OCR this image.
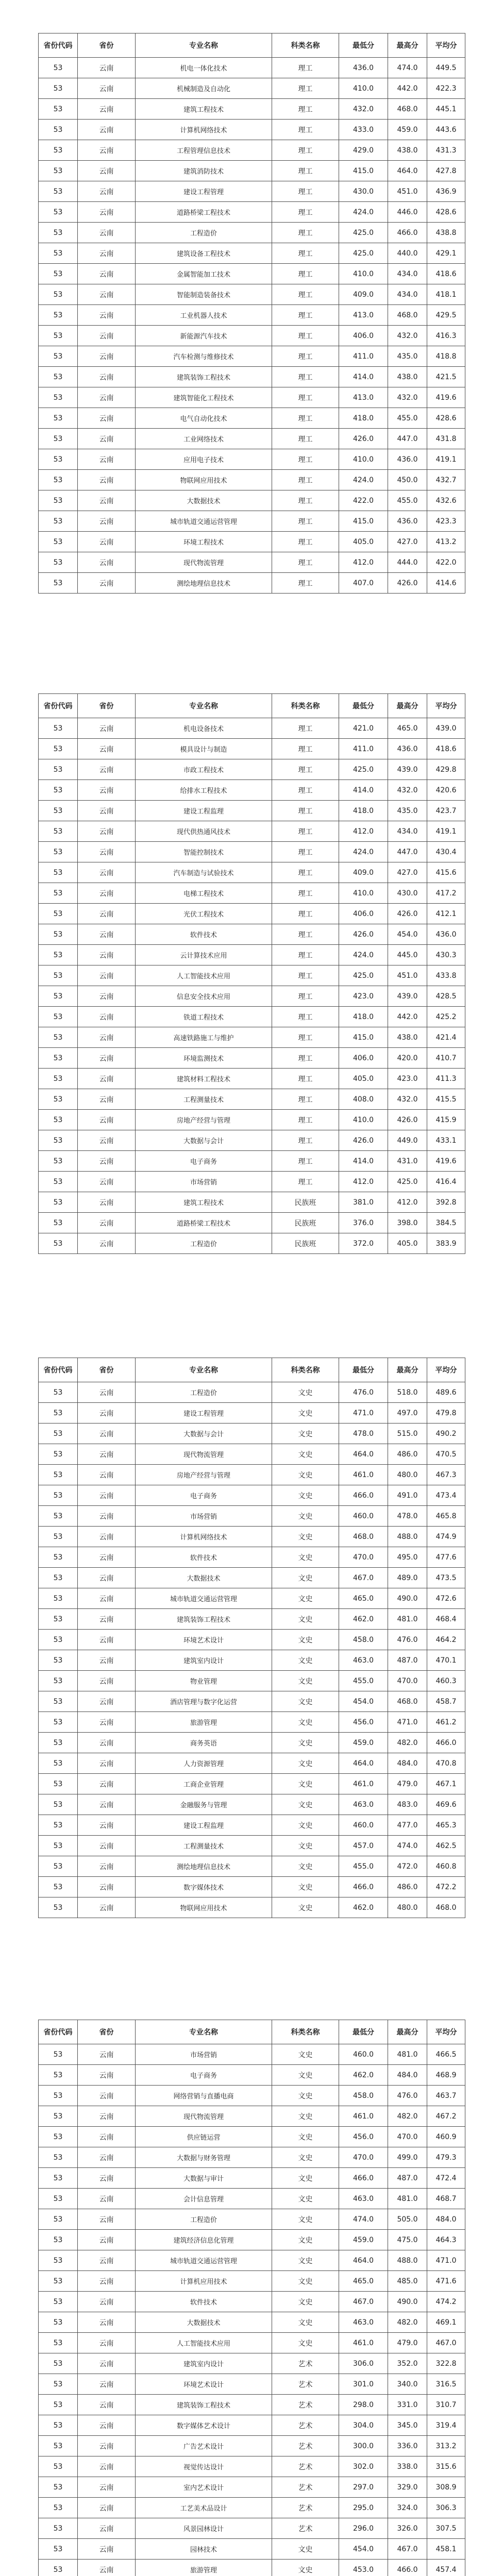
省份代码	省份	专业名称	科类名称	最低分	最高分	平均分
53	云南	机电一体化技术	理工	436.0	474.0	449.5
53	云南	机械制造及自动化	理工	410.0	442.0	422.3
53	云南	建筑工程技术	理工	432.0	468.0	445.1
53	云南	计算机网络技术	理工	433.0	459.0	443.6
53	云南	工程管理信息技术	理工	429.0	438.0	431.3
53	云南	建筑消防技术	理工	415.0	464.0	427.8
53	云南	建设工程管理	理工	430.0	451.0	436.9
53	云南	道路桥梁工程技术	理工	424.0	446.0	428.6
53	云南	工程造价	理工	425.0	466.0	438.8
53	云南	建筑设备工程技术	理工	425.0	440.0	429.1
53	云南	金属智能加工技术	理工	410.0	434.0	418.6
53	云南	智能制造装备技术	理工	409.0	434.0	418.1
53	云南	工业机器人技术	理工	413.0	468.0	429.5
53	云南	新能源汽车技术	理工	406.0	432.0	416.3
53	云南	汽车检测与维修技术	理工	411.0	435.0	418.8
53	云南	建筑装饰工程技术	理工	414.0	438.0	421.5
53	云南	建筑智能化工程技术	理工	413.0	432.0	419.6
53	云南	电气自动化技术	理工	418.0	455.0	428.6
53	云南	工业网络技术	理工	426.0	447.0	431.8
53	云南	应用电子技术	理工	410.0	436.0	419.1
53	云南	物联网应用技术	理工	424.0	450.0	432.7
53	云南	大数据技术	理工	422.0	455.0	432.6
53	云南	城市轨道交通运营管理	理工	415.0	436.0	423.3
53	云南	环境工程技术	理工	405.0	427.0	413.2
53	云南	现代物流管理	理工	412.0	444.0	422.0
53	云南	测绘地理信息技术	理工	407.0	426.0	414.6
省份代码	省份	专业名称	科类名称	最低分	最高分	平均分
53	云南	机电设备技术	理工	421.0	465.0	439.0
53	云南	模具设计与制造	理工	411.0	436.0	418.6
53	云南	市政工程技术	理工	425.0	439.0	429.8
53	云南	给排水工程技术	理工	414.0	432.0	420.6
53	云南	建设工程监理	理工	418.0	435.0	423.7
53	云南	现代供热通风技术	理工	412.0	434.0	419.1
53	云南	智能控制技术	理工	424.0	447.0	430.4
53	云南	汽车制造与试验技术	理工	409.0	427.0	415.6
53	云南	电梯工程技术	理工	410.0	430.0	417.2
53	云南	光伏工程技术	理工	406.0	426.0	412.1
53	云南	软件技术	理工	426.0	454.0	436.0
53	云南	云计算技术应用	理工	424.0	445.0	430.3
53	云南	人工智能技术应用	理工	425.0	451.0	433.8
53	云南	信息安全技术应用	理工	423.0	439.0	428.5
53	云南	铁道工程技术	理工	418.0	442.0	425.2
53	云南	高速铁路施工与维护	理工	415.0	438.0	421.4
53	云南	环境监测技术	理工	406.0	420.0	410.7
53	云南	建筑材料工程技术	理工	405.0	423.0	411.3
53	云南	工程测量技术	理工	408.0	432.0	415.5
53	云南	房地产经营与管理	理工	410.0	426.0	415.9
53	云南	大数据与会计	理工	426.0	449.0	433.1
53	云南	电子商务	理工	414.0	431.0	419.6
53	云南	市场营销	理工	412.0	425.0	416.4
53	云南	建筑工程技术	民族班	381.0	412.0	392.8
53	云南	道路桥梁工程技术	民族班	376.0	398.0	384.5
53	云南	工程造价	民族班	372.0	405.0	383.9
省份代码	省份	专业名称	科类名称	最低分	最高分	平均分
53	云南	工程造价	文史	476.0	518.0	489.6
53	云南	建设工程管理	文史	471.0	497.0	479.8
53	云南	大数据与会计	文史	478.0	515.0	490.2
53	云南	现代物流管理	文史	464.0	486.0	470.5
53	云南	房地产经营与管理	文史	461.0	480.0	467.3
53	云南	电子商务	文史	466.0	491.0	473.4
53	云南	市场营销	文史	460.0	478.0	465.8
53	云南	计算机网络技术	文史	468.0	488.0	474.9
53	云南	软件技术	文史	470.0	495.0	477.6
53	云南	大数据技术	文史	467.0	489.0	473.5
53	云南	城市轨道交通运营管理	文史	465.0	490.0	472.6
53	云南	建筑装饰工程技术	文史	462.0	481.0	468.4
53	云南	环境艺术设计	文史	458.0	476.0	464.2
53	云南	建筑室内设计	文史	463.0	487.0	470.1
53	云南	物业管理	文史	455.0	470.0	460.3
53	云南	酒店管理与数字化运营	文史	454.0	468.0	458.7
53	云南	旅游管理	文史	456.0	471.0	461.2
53	云南	商务英语	文史	459.0	482.0	466.0
53	云南	人力资源管理	文史	464.0	484.0	470.8
53	云南	工商企业管理	文史	461.0	479.0	467.1
53	云南	金融服务与管理	文史	463.0	483.0	469.6
53	云南	建设工程监理	文史	460.0	477.0	465.3
53	云南	工程测量技术	文史	457.0	474.0	462.5
53	云南	测绘地理信息技术	文史	455.0	472.0	460.8
53	云南	数字媒体技术	文史	466.0	486.0	472.2
53	云南	物联网应用技术	文史	462.0	480.0	468.0
省份代码	省份	专业名称	科类名称	最低分	最高分	平均分
53	云南	市场营销	文史	460.0	481.0	466.5
53	云南	电子商务	文史	462.0	484.0	468.9
53	云南	网络营销与直播电商	文史	458.0	476.0	463.7
53	云南	现代物流管理	文史	461.0	482.0	467.2
53	云南	供应链运营	文史	456.0	470.0	460.9
53	云南	大数据与财务管理	文史	470.0	499.0	479.3
53	云南	大数据与审计	文史	466.0	487.0	472.4
53	云南	会计信息管理	文史	463.0	481.0	468.7
53	云南	工程造价	文史	474.0	505.0	484.0
53	云南	建筑经济信息化管理	文史	459.0	475.0	464.3
53	云南	城市轨道交通运营管理	文史	464.0	488.0	471.0
53	云南	计算机应用技术	文史	465.0	485.0	471.6
53	云南	软件技术	文史	467.0	490.0	474.2
53	云南	大数据技术	文史	463.0	482.0	469.1
53	云南	人工智能技术应用	文史	461.0	479.0	467.0
53	云南	建筑室内设计	艺术	306.0	352.0	322.8
53	云南	环境艺术设计	艺术	301.0	340.0	316.5
53	云南	建筑装饰工程技术	艺术	298.0	331.0	310.7
53	云南	数字媒体艺术设计	艺术	304.0	345.0	319.4
53	云南	广告艺术设计	艺术	300.0	336.0	313.2
53	云南	视觉传达设计	艺术	302.0	338.0	315.6
53	云南	室内艺术设计	艺术	297.0	329.0	308.9
53	云南	工艺美术品设计	艺术	295.0	324.0	306.3
53	云南	风景园林设计	艺术	296.0	326.0	307.5
53	云南	园林技术	文史	454.0	467.0	458.1
53	云南	旅游管理	文史	453.0	466.0	457.4
